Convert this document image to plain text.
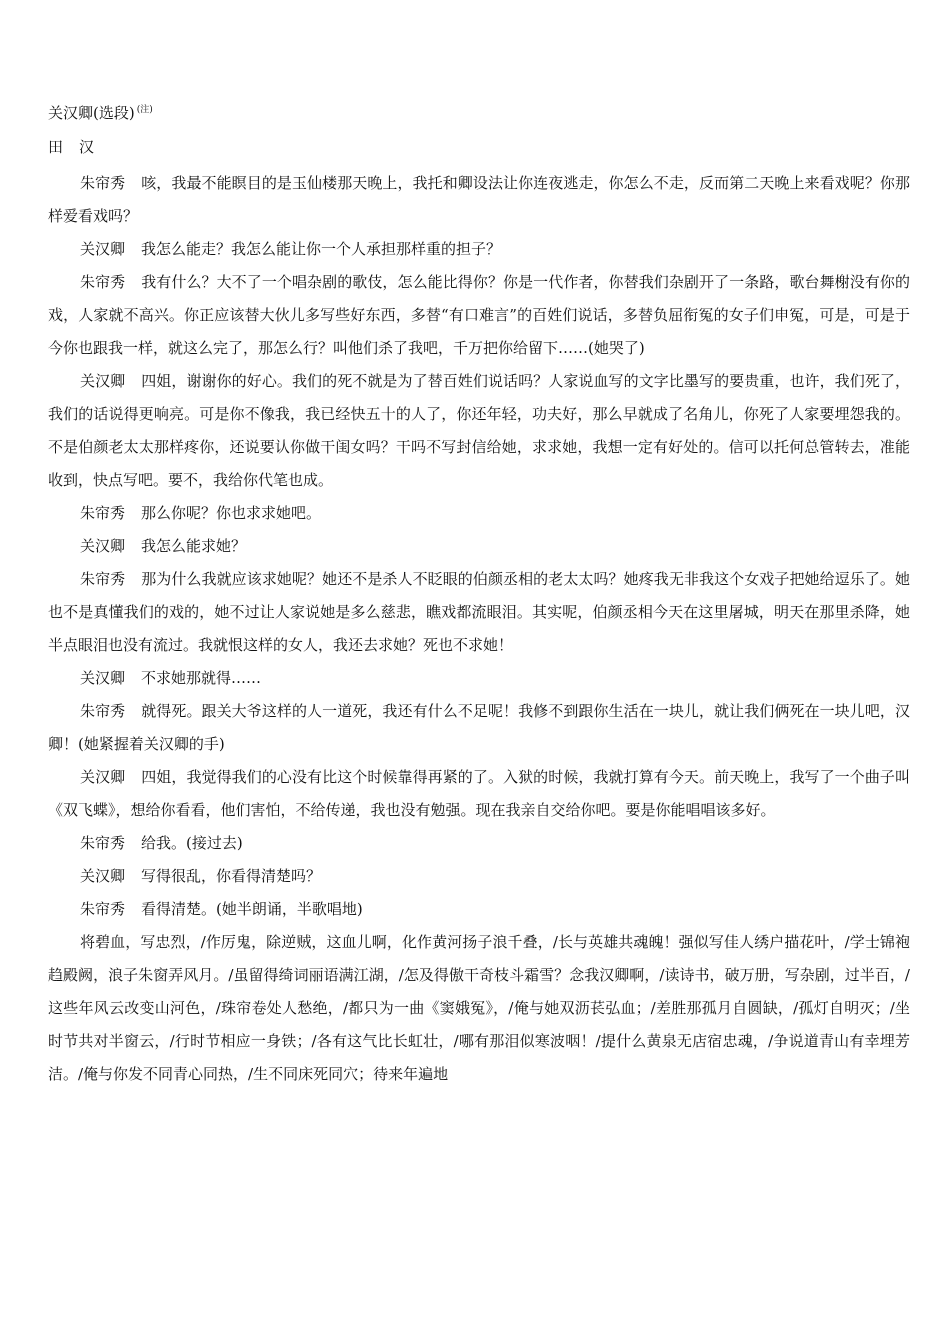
关汉卿(选段) $^{(注)}$

田 汉

朱帘秀 咳，我最不能瞑目的是玉仙楼那天晚上，我托和卿设法让你连夜逃走，你怎么不走，反而第二天晚上来看戏呢？你那样爱看戏吗？

关汉卿 我怎么能走？我怎么能让你一个人承担那样重的担子？

朱帘秀 我有什么？大不了一个唱杂剧的歌伎，怎么能比得你？你是一代作者，你替我们杂剧开了一条路，歌台舞榭没有你的戏，人家就不高兴。你正应该替大伙儿多写些好东西，多替“有口难言”的百姓们说话，多替负屈衔冤的女子们申冤，可是，可是于今你也跟我一样，就这么完了，那怎么行？叫他们杀了我吧，千万把你给留下……(她哭了)

关汉卿 四姐，谢谢你的好心。我们的死不就是为了替百姓们说话吗？人家说血写的文字比墨写的要贵重，也许，我们死了，我们的话说得更响亮。可是你不像我，我已经快五十的人了，你还年轻，功夫好，那么早就成了名角儿，你死了人家要埋怨我的。不是伯颜老太太那样疼你，还说要认你做干闺女吗？干吗不写封信给她，求求她，我想一定有好处的。信可以托何总管转去，准能收到，快点写吧。要不，我给你代笔也成。

朱帘秀 那么你呢？你也求求她吧。

关汉卿 我怎么能求她？

朱帘秀 那为什么我就应该求她呢？她还不是杀人不眨眼的伯颜丞相的老太太吗？她疼我无非我这个女戏子把她给逗乐了。她也不是真懂我们的戏的，她不过让人家说她是多么慈悲，瞧戏都流眼泪。其实呢，伯颜丞相今天在这里屠城，明天在那里杀降，她半点眼泪也没有流过。我就恨这样的女人，我还去求她？死也不求她！

关汉卿 不求她那就得……

朱帘秀 就得死。跟关大爷这样的人一道死，我还有什么不足呢！我修不到跟你生活在一块儿，就让我们俩死在一块儿吧，汉卿！(她紧握着关汉卿的手)

关汉卿 四姐，我觉得我们的心没有比这个时候靠得再紧的了。入狱的时候，我就打算有今天。前天晚上，我写了一个曲子叫《双飞蝶》，想给你看看，他们害怕，不给传递，我也没有勉强。现在我亲自交给你吧。要是你能唱唱该多好。

朱帘秀 给我。(接过去)

关汉卿 写得很乱，你看得清楚吗？

朱帘秀 看得清楚。(她半朗诵，半歌唱地)

将碧血，写忠烈，/作厉鬼，除逆贼，这血儿啊，化作黄河扬子浪千叠，/长与英雄共魂魄！强似写佳人绣户描花叶，/学士锦袍趋殿阙，浪子朱窗弄风月。/虽留得绮词丽语满江湖，/怎及得傲干奇枝斗霜雪？念我汉卿啊，/读诗书，破万册，写杂剧，过半百，/这些年风云改变山河色，/珠帘卷处人愁绝，/都只为一曲《窦娥冤》，/俺与她双沥苌弘血；/差胜那孤月自圆缺，/孤灯自明灭；/坐时节共对半窗云，/行时节相应一身铁；/各有这气比长虹壮，/哪有那泪似寒波咽！/提什么黄泉无店宿忠魂，/争说道青山有幸埋芳洁。/俺与你发不同青心同热，/生不同床死同穴；待来年遍地
